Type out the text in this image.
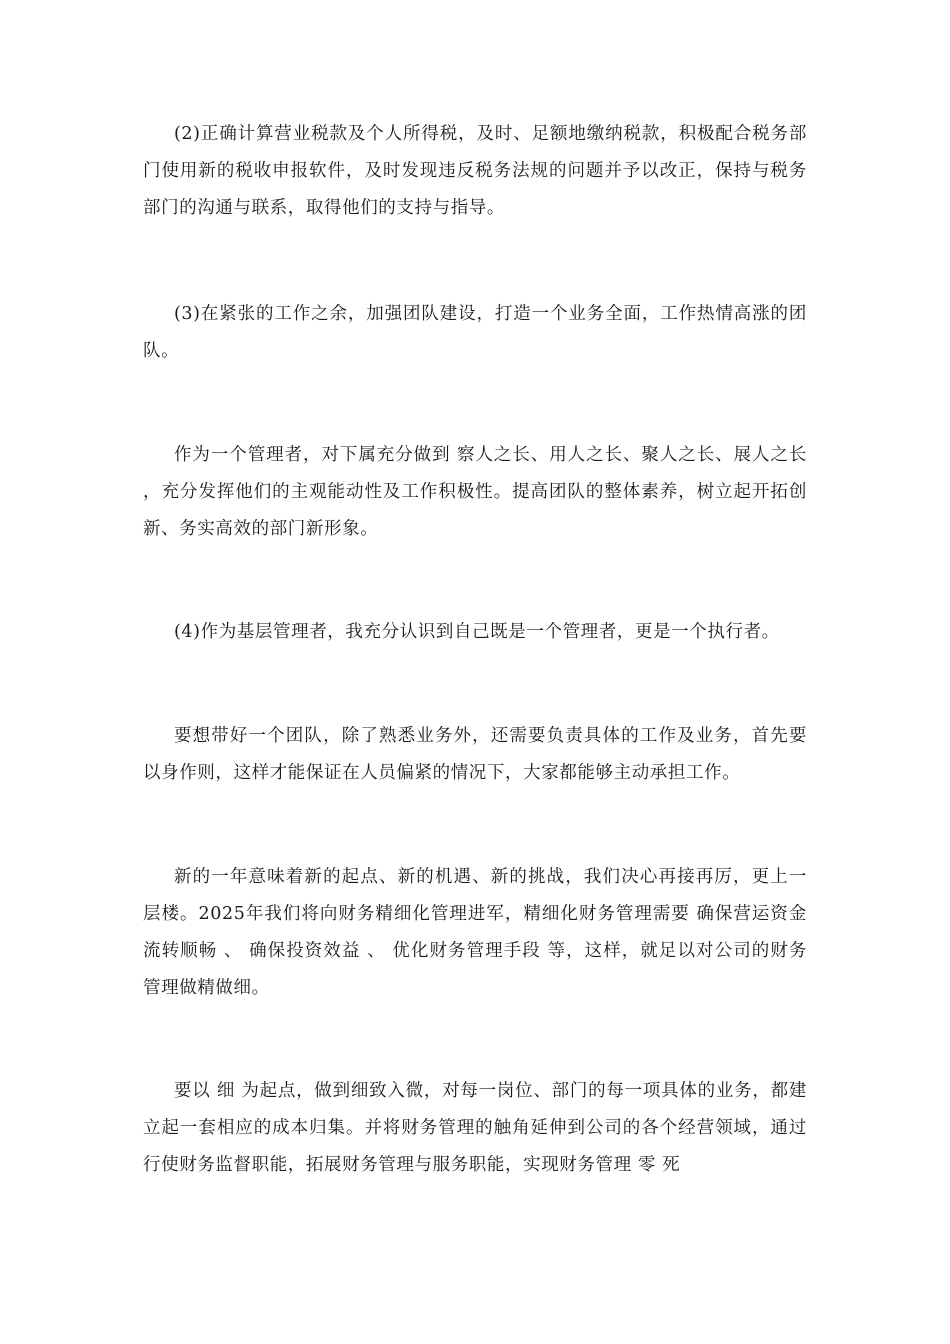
(2)正确计算营业税款及个人所得税，及时、足额地缴纳税款，积极配合税务部门使用新的税收申报软件，及时发现违反税务法规的问题并予以改正，保持与税务部门的沟通与联系，取得他们的支持与指导。

(3)在紧张的工作之余，加强团队建设，打造一个业务全面，工作热情高涨的团队。

作为一个管理者，对下属充分做到 察人之长、用人之长、聚人之长、展人之长 ，充分发挥他们的主观能动性及工作积极性。提高团队的整体素养，树立起开拓创新、务实高效的部门新形象。

(4)作为基层管理者，我充分认识到自己既是一个管理者，更是一个执行者。

要想带好一个团队，除了熟悉业务外，还需要负责具体的工作及业务，首先要以身作则，这样才能保证在人员偏紧的情况下，大家都能够主动承担工作。

新的一年意味着新的起点、新的机遇、新的挑战，我们决心再接再厉，更上一层楼。2025年我们将向财务精细化管理进军，精细化财务管理需要 确保营运资金流转顺畅 、 确保投资效益 、 优化财务管理手段 等，这样，就足以对公司的财务管理做精做细。

要以 细 为起点，做到细致入微，对每一岗位、部门的每一项具体的业务，都建立起一套相应的成本归集。并将财务管理的触角延伸到公司的各个经营领域，通过行使财务监督职能，拓展财务管理与服务职能，实现财务管理 零 死
